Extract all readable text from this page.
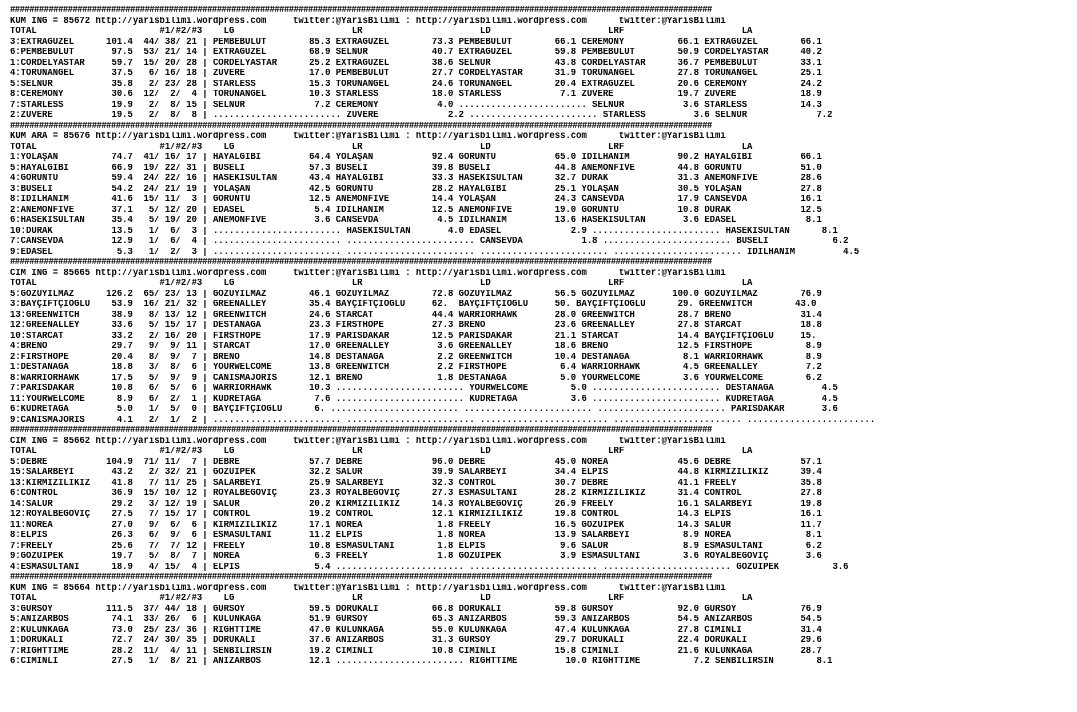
##################################################################################################################################################
KUM ING = 85672 http://yarisbilimi.wordpress.com     twitter:@YarisBilimi : http://yarisbilimi.wordpress.com      twitter:@YarisBilimi
TOTAL                       #1/#2/#3    LG                      LR                      LD                      LRF                      LA
3:EXTRAGÜZEL      101.4  44/ 38/ 21 | PEMBEBULUT        85.3 EXTRAGÜZEL        73.3 PEMBEBULUT        66.1 CEREMONY          66.1 EXTRAGÜZEL        66.1
6:PEMBEBULUT       97.5  53/ 21/ 14 | EXTRAGÜZEL        68.9 SELNUR            40.7 EXTRAGÜZEL        59.8 PEMBEBULUT        50.9 CORDELYASTAR      40.2
1:CORDELYASTAR     59.7  15/ 20/ 28 | CORDELYASTAR      25.2 EXTRAGÜZEL        38.6 SELNUR            43.8 CORDELYASTAR      36.7 PEMBEBULUT        33.1
4:TORUNANGEL       37.5   6/ 16/ 18 | ZUVERE            17.0 PEMBEBULUT        27.7 CORDELYASTAR      31.9 TORUNANGEL        27.8 TORUNANGEL        25.1
5:SELNUR           35.8   2/ 23/ 28 | STARLESS          15.3 TORUNANGEL        24.6 TORUNANGEL        20.4 EXTRAGÜZEL        20.6 CEREMONY          24.2
8:CEREMONY         30.6  12/  2/  4 | TORUNANGEL        10.3 STARLESS          18.0 STARLESS           7.1 ZUVERE            19.7 ZUVERE            18.9
7:STARLESS         19.9   2/  8/ 15 | SELNUR             7.2 CEREMONY           4.0 ........................ SELNUR           3.6 STARLESS          14.3
2:ZUVERE           19.5   2/  8/  8 | ........................ ZUVERE             2.2 ........................ STARLESS         3.6 SELNUR             7.2
##################################################################################################################################################
KUM ARA = 85676 http://yarisbilimi.wordpress.com     twitter:@YarisBilimi : http://yarisbilimi.wordpress.com      twitter:@YarisBilimi
TOTAL                       #1/#2/#3    LG                      LR                      LD                      LRF                      LA
1:YOLAŞAN          74.7  41/ 16/ 17 | HAYALGİBİ         64.4 YOLAŞAN           92.4 GÖRÜNTÜ           65.0 İDİLHANIM         90.2 HAYALGİBİ         66.1
5:HAYALGİBİ        66.9  19/ 22/ 31 | BUSELİ            57.3 BUSELİ            39.8 BUSELİ            44.8 ANEMONFIVE        44.8 GÖRÜNTÜ           51.0
4:GÖRÜNTÜ          59.4  24/ 22/ 16 | HASEKİSULTAN      43.4 HAYALGİBİ         33.3 HASEKİSULTAN      32.7 DURAK             31.3 ANEMONFIVE        28.6
3:BUSELİ           54.2  24/ 21/ 19 | YOLAŞAN           42.5 GÖRÜNTÜ           28.2 HAYALGİBİ         25.1 YOLAŞAN           30.5 YOLAŞAN           27.8
8:İDİLHANIM        41.6  15/ 11/  3 | GÖRÜNTÜ           12.5 ANEMONFIVE        14.4 YOLAŞAN           24.3 CANSEVDA          17.9 CANSEVDA          16.1
2:ANEMONFIVE       37.1   5/ 12/ 20 | EDASEL             5.4 İDİLHANIM         12.5 ANEMONFIVE        19.0 GÖRÜNTÜ           10.8 DURAK             12.5
6:HASEKİSULTAN     35.4   5/ 19/ 20 | ANEMONFIVE         3.6 CANSEVDA           4.5 İDİLHANIM         13.6 HASEKİSULTAN       3.6 EDASEL             8.1
10:DURAK           13.5   1/  6/  3 | ........................ HASEKİSULTAN       4.0 EDASEL             2.9 ........................ HASEKİSULTAN      8.1
7:CANSEVDA         12.9   1/  6/  4 | ........................ ........................ CANSEVDA           1.8 ........................ BUSELİ            6.2
9:EDASEL            5.3   1/  2/  3 | ........................ ........................ ........................ ........................ İDİLHANIM         4.5
##################################################################################################################################################
CIM ING = 85665 http://yarisbilimi.wordpress.com     twitter:@YarisBilimi : http://yarisbilimi.wordpress.com      twitter:@YarisBilimi
TOTAL                       #1/#2/#3    LG                      LR                      LD                      LRF                      LA
5:GÖZÜYILMAZ      126.2  65/ 23/ 13 | GÖZÜYILMAZ        46.1 GÖZÜYILMAZ        72.8 GÖZÜYILMAZ        56.5 GÖZÜYILMAZ       100.0 GÖZÜYILMAZ        76.9
3:BAYÇİFTÇİOĞLU    53.9  16/ 21/ 32 | GREENALLEY        35.4 BAYÇİFTÇİOĞLU     62.  BAYÇİFTÇİOĞLU     50. BAYÇİFTÇİOĞLU      29. GREENWITCH        43.0
13:GREENWITCH      38.9   8/ 13/ 12 | GREENWITCH        24.6 STARCAT           44.4 WARRIORHAWK       28.0 GREENWITCH        28.7 BRENO             31.4
12:GREENALLEY      33.6   5/ 15/ 17 | DESTANAGA         23.3 FIRSTHOPE         27.3 BRENO             23.6 GREENALLEY        27.8 STARCAT           18.8
10:STARCAT         33.2   2/ 16/ 20 | FIRSTHOPE         17.9 PARISDAKAR        12.5 PARISDAKAR        21.1 STARCAT           14.4 BAYÇİFTÇİOĞLU     15.
4:BRENO            29.7   9/  9/ 11 | STARCAT           17.0 GREENALLEY         3.6 GREENALLEY        18.6 BRENO             12.5 FIRSTHOPE          8.9
2:FIRSTHOPE        20.4   8/  9/  7 | BRENO             14.8 DESTANAGA          2.2 GREENWITCH        10.4 DESTANAGA          8.1 WARRIORHAWK        8.9
1:DESTANAGA        18.8   3/  8/  6 | YOURWELCOME       13.8 GREENWITCH         2.2 FIRSTHOPE          6.4 WARRIORHAWK        4.5 GREENALLEY         7.2
8:WARRIORHAWK      17.5   5/  9/  9 | CANISMAJORIS      12.1 BRENO              1.8 DESTANAGA          5.0 YOURWELCOME        3.6 YOURWELCOME        6.2
7:PARISDAKAR       10.8   6/  5/  6 | WARRIORHAWK       10.3 ........................ YOURWELCOME        5.0 ........................ DESTANAGA         4.5
11:YOURWELCOME      8.9   6/  2/  1 | KUDRETAGA          7.6 ........................ KUDRETAGA          3.6 ........................ KUDRETAGA         4.5
6:KUDRETAGA         5.0   1/  5/  0 | BAYÇİFTÇİOĞLU      6. ........................ ........................ ........................ PARISDAKAR       3.6
9:CANISMAJORIS      4.1   2/  1/  2 | ........................ ........................ ........................ ........................ ........................
##################################################################################################################################################
CIM ING = 85662 http://yarisbilimi.wordpress.com     twitter:@YarisBilimi : http://yarisbilimi.wordpress.com      twitter:@YarisBilimi
TOTAL                       #1/#2/#3    LG                      LR                      LD                      LRF                      LA
5:DEBRE           104.9  71/ 11/  7 | DEBRE             57.7 DEBRE             96.0 DEBRE             45.0 NOREA             45.6 DEBRE             57.1
15:SALARBEYİ       43.2   2/ 32/ 21 | GÖZÜİPEK          32.2 SALUR             39.9 SALARBEYİ         34.4 ELPIS             44.8 KIRMIZILIKIZ      39.4
13:KIRMIZILIKIZ    41.8   7/ 11/ 25 | SALARBEYİ         25.9 SALARBEYİ         32.3 CONTROL           30.7 DEBRE             41.1 FREELY            35.8
6:CONTROL          36.9  15/ 10/ 12 | ROYALBEGOVİÇ      23.3 ROYALBEGOVİÇ      27.3 ESMASULTANI       28.2 KIRMIZILIKIZ      31.4 CONTROL           27.8
14:SALUR           29.2   3/ 12/ 19 | SALUR             20.2 KIRMIZILIKIZ      14.3 ROYALBEGOVİÇ      26.9 FREELY            16.1 SALARBEYİ         19.8
12:ROYALBEGOVİÇ    27.5   7/ 15/ 17 | CONTROL           19.2 CONTROL           12.1 KIRMIZILIKIZ      19.8 CONTROL           14.3 ELPIS             16.1
11:NOREA           27.0   9/  6/  6 | KIRMIZILIKIZ      17.1 NOREA              1.8 FREELY            16.5 GÖZÜİPEK          14.3 SALUR             11.7
8:ELPIS            26.3   6/  9/  6 | ESMASULTANI       11.2 ELPIS              1.8 NOREA             13.9 SALARBEYİ          8.9 NOREA              8.1
7:FREELY           25.6   7/  7/ 12 | FREELY            10.8 ESMASULTANI        1.8 ELPIS              9.6 SALUR              8.9 ESMASULTANI        6.2
9:GÖZÜİPEK         19.7   5/  8/  7 | NOREA              6.3 FREELY             1.8 GÖZÜİPEK           3.9 ESMASULTANI        3.6 ROYALBEGOVİÇ       3.6
4:ESMASULTANI      18.9   4/ 15/  4 | ELPIS              5.4 ........................ ........................ ........................ GÖZÜİPEK          3.6
##################################################################################################################################################
KUM ING = 85664 http://yarisbilimi.wordpress.com     twitter:@YarisBilimi : http://yarisbilimi.wordpress.com      twitter:@YarisBilimi
TOTAL                       #1/#2/#3    LG                      LR                      LD                      LRF                      LA
3:GÜRSOY          111.5  37/ 44/ 18 | GÜRSOY            59.5 DORUKALİ          66.8 DORUKALİ          59.8 GÜRSOY            92.0 GÜRSOY            76.9
5:ANIZARBOS        74.1  33/ 26/  6 | KÜLÜNKAĞA         51.9 GÜRSOY            65.3 ANIZARBOS         59.3 ANIZARBOS         54.5 ANIZARBOS         54.5
2:KÜLÜNKAĞA        73.0  25/ 23/ 36 | RIGHTTIME         47.0 KÜLÜNKAĞA         55.0 KÜLÜNKAĞA         47.4 KÜLÜNKAĞA         27.8 CİMİNLİ           31.4
1:DORUKALİ         72.7  24/ 30/ 35 | DORUKALİ          37.6 ANIZARBOS         31.3 GÜRSOY            29.7 DORUKALİ          22.4 DORUKALİ          29.6
7:RIGHTTIME        28.2  11/  4/ 11 | SENBİLİRSİN       19.2 CİMİNLİ           10.8 CİMİNLİ           15.8 CİMİNLİ           21.6 KÜLÜNKAĞA         28.7
6:CİMİNLİ          27.5   1/  8/ 21 | ANIZARBOS         12.1 ........................ RIGHTTIME         10.0 RIGHTTIME          7.2 SENBİLİRSİN        8.1
